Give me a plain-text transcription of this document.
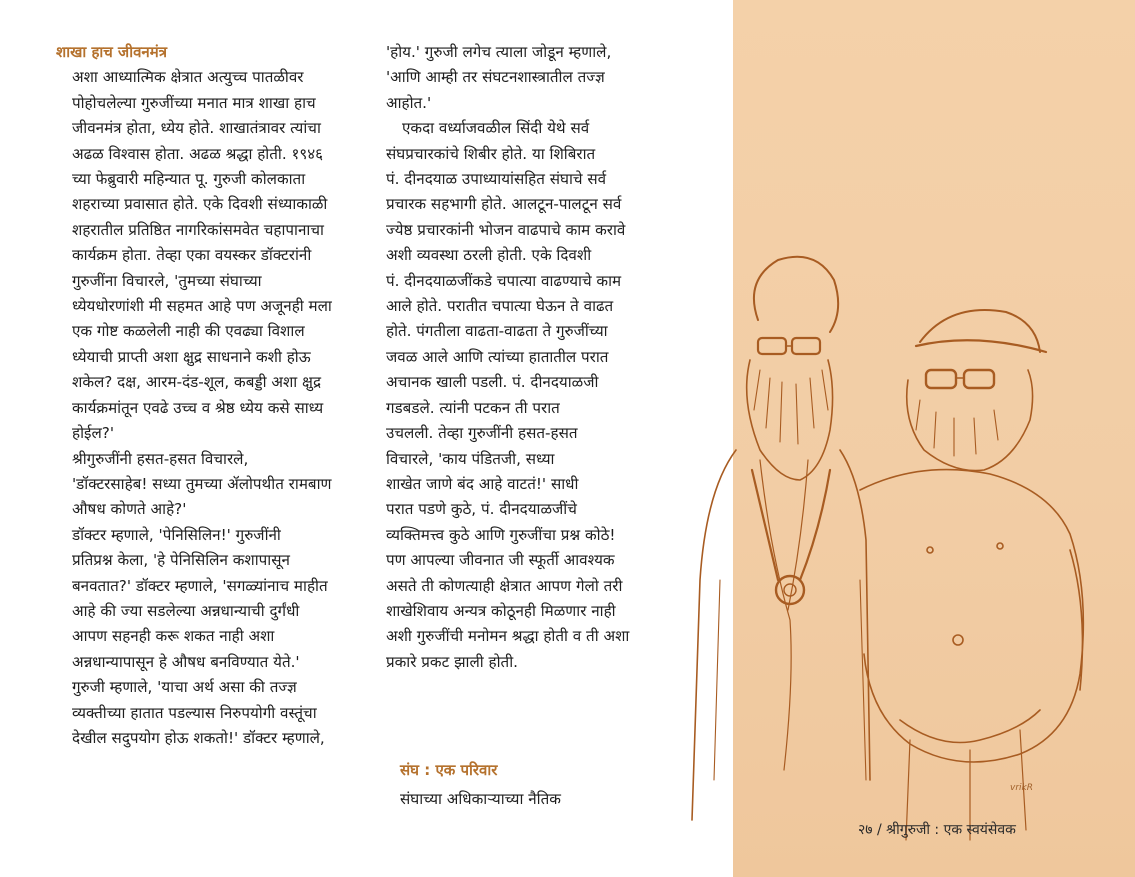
शाखा हाच जीवनमंत्र
अशा आध्यात्मिक क्षेत्रात अत्युच्च पातळीवर
पोहोचलेल्या गुरुजींच्या मनात मात्र शाखा हाच
जीवनमंत्र होता, ध्येय होते. शाखातंत्रावर त्यांचा
अढळ विश्वास होता. अढळ श्रद्धा होती. १९४६
च्या फेब्रुवारी महिन्यात पू. गुरुजी कोलकाता
शहराच्या प्रवासात होते. एके दिवशी संध्याकाळी
शहरातील प्रतिष्ठित नागरिकांसमवेत चहापानाचा
कार्यक्रम होता. तेव्हा एका वयस्कर डॉक्टरांनी
गुरुजींना विचारले, 'तुमच्या संघाच्या
ध्येयधोरणांशी मी सहमत आहे पण अजूनही मला
एक गोष्ट कळलेली नाही की एवढ्या विशाल
ध्येयाची प्राप्ती अशा क्षुद्र साधनाने कशी होऊ
शकेल? दक्ष, आरम-दंड-शूल, कबड्डी अशा क्षुद्र
कार्यक्रमांतून एवढे उच्च व श्रेष्ठ ध्येय कसे साध्य
होईल?'
श्रीगुरुजींनी हसत-हसत विचारले,
'डॉक्टरसाहेब! सध्या तुमच्या ॲलोपथीत रामबाण
औषध कोणते आहे?'
डॉक्टर म्हणाले, 'पेनिसिलिन!' गुरुजींनी
प्रतिप्रश्न केला, 'हे पेनिसिलिन कशापासून
बनवतात?' डॉक्टर म्हणाले, 'सगळ्यांनाच माहीत
आहे की ज्या सडलेल्या अन्नधान्याची दुर्गंधी
आपण सहनही करू शकत नाही अशा
अन्नधान्यापासून हे औषध बनविण्यात येते.'
गुरुजी म्हणाले, 'याचा अर्थ असा की तज्ज्ञ
व्यक्तीच्या हातात पडल्यास निरुपयोगी वस्तूंचा
देखील सदुपयोग होऊ शकतो!' डॉक्टर म्हणाले,
'होय.' गुरुजी लगेच त्याला जोडून म्हणाले,
'आणि आम्ही तर संघटनशास्त्रातील तज्ज्ञ
आहोत.'
एकदा वर्ध्याजवळील सिंदी येथे सर्व
संघप्रचारकांचे शिबीर होते. या शिबिरात
पं. दीनदयाळ उपाध्यायांसहित संघाचे सर्व
प्रचारक सहभागी होते. आलटून-पालटून सर्व
ज्येष्ठ प्रचारकांनी भोजन वाढपाचे काम करावे
अशी व्यवस्था ठरली होती. एके दिवशी
पं. दीनदयाळजींकडे चपात्या वाढण्याचे काम
आले होते. परातीत चपात्या घेऊन ते वाढत
होते. पंगतीला वाढता-वाढता ते गुरुजींच्या
जवळ आले आणि त्यांच्या हातातील परात
अचानक खाली पडली. पं. दीनदयाळजी
गडबडले. त्यांनी पटकन ती परात
उचलली. तेव्हा गुरुजींनी हसत-हसत
विचारले, 'काय पंडितजी, सध्या
शाखेत जाणे बंद आहे वाटतं!' साधी
परात पडणे कुठे, पं. दीनदयाळजींचे
व्यक्तिमत्त्व कुठे आणि गुरुजींचा प्रश्न कोठे!
पण आपल्या जीवनात जी स्फूर्ती आवश्यक
असते ती कोणत्याही क्षेत्रात आपण गेलो तरी
शाखेशिवाय अन्यत्र कोठूनही मिळणार नाही
अशी गुरुजींची मनोमन श्रद्धा होती व ती अशा
प्रकारे प्रकट झाली होती.
संघ : एक परिवार
संघाच्या अधिकाऱ्याच्या नैतिक
vrikR
२७ / श्रीगुरुजी : एक स्वयंसेवक
